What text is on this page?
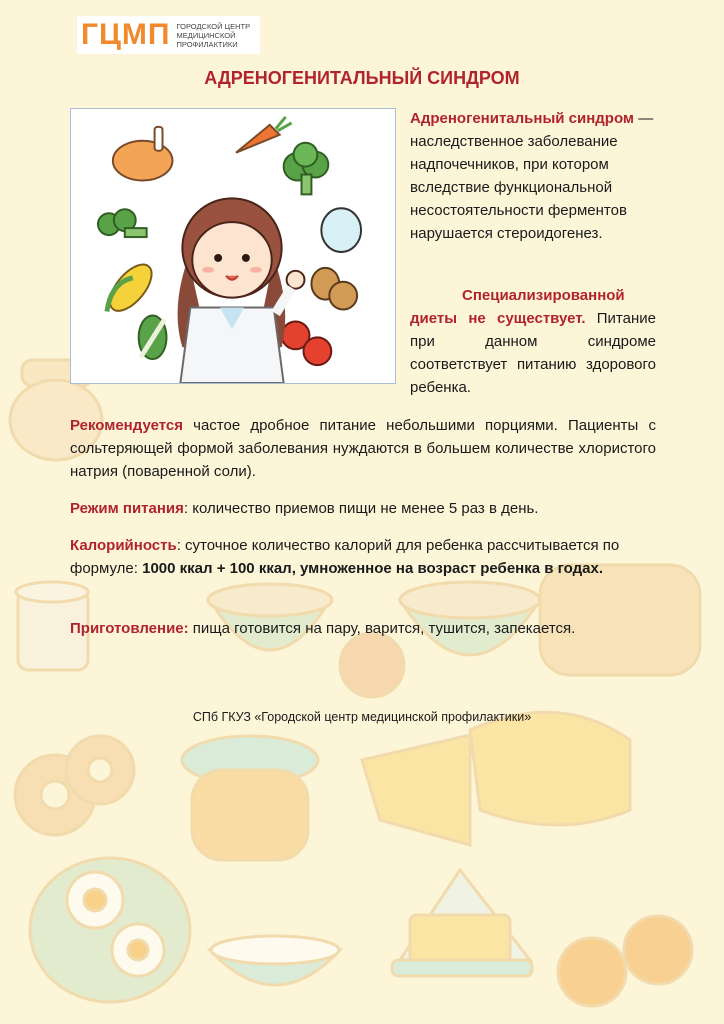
ГЦМП ГОРОДСКОЙ ЦЕНТР МЕДИЦИНСКОЙ ПРОФИЛАКТИКИ
АДРЕНОГЕНИТАЛЬНЫЙ СИНДРОМ
Адреногенитальный синдром — наследственное заболевание надпочечников, при котором вследствие функциональной несостоятельности ферментов нарушается стероидогенез.
Специализированной диеты не существует. Питание при данном синдроме соответствует питанию здорового ребенка.
Рекомендуется частое дробное питание небольшими порциями. Пациенты с сольтеряющей формой заболевания нуждаются в большем количестве хлористого натрия (поваренной соли).
Режим питания: количество приемов пищи не менее 5 раз в день.
Калорийность: суточное количество калорий для ребенка рассчитывается по формуле: 1000 ккал + 100 ккал, умноженное на возраст ребенка в годах.
Приготовление: пища готовится на пару, варится, тушится, запекается.
СПб ГКУЗ «Городской центр медицинской профилактики»
